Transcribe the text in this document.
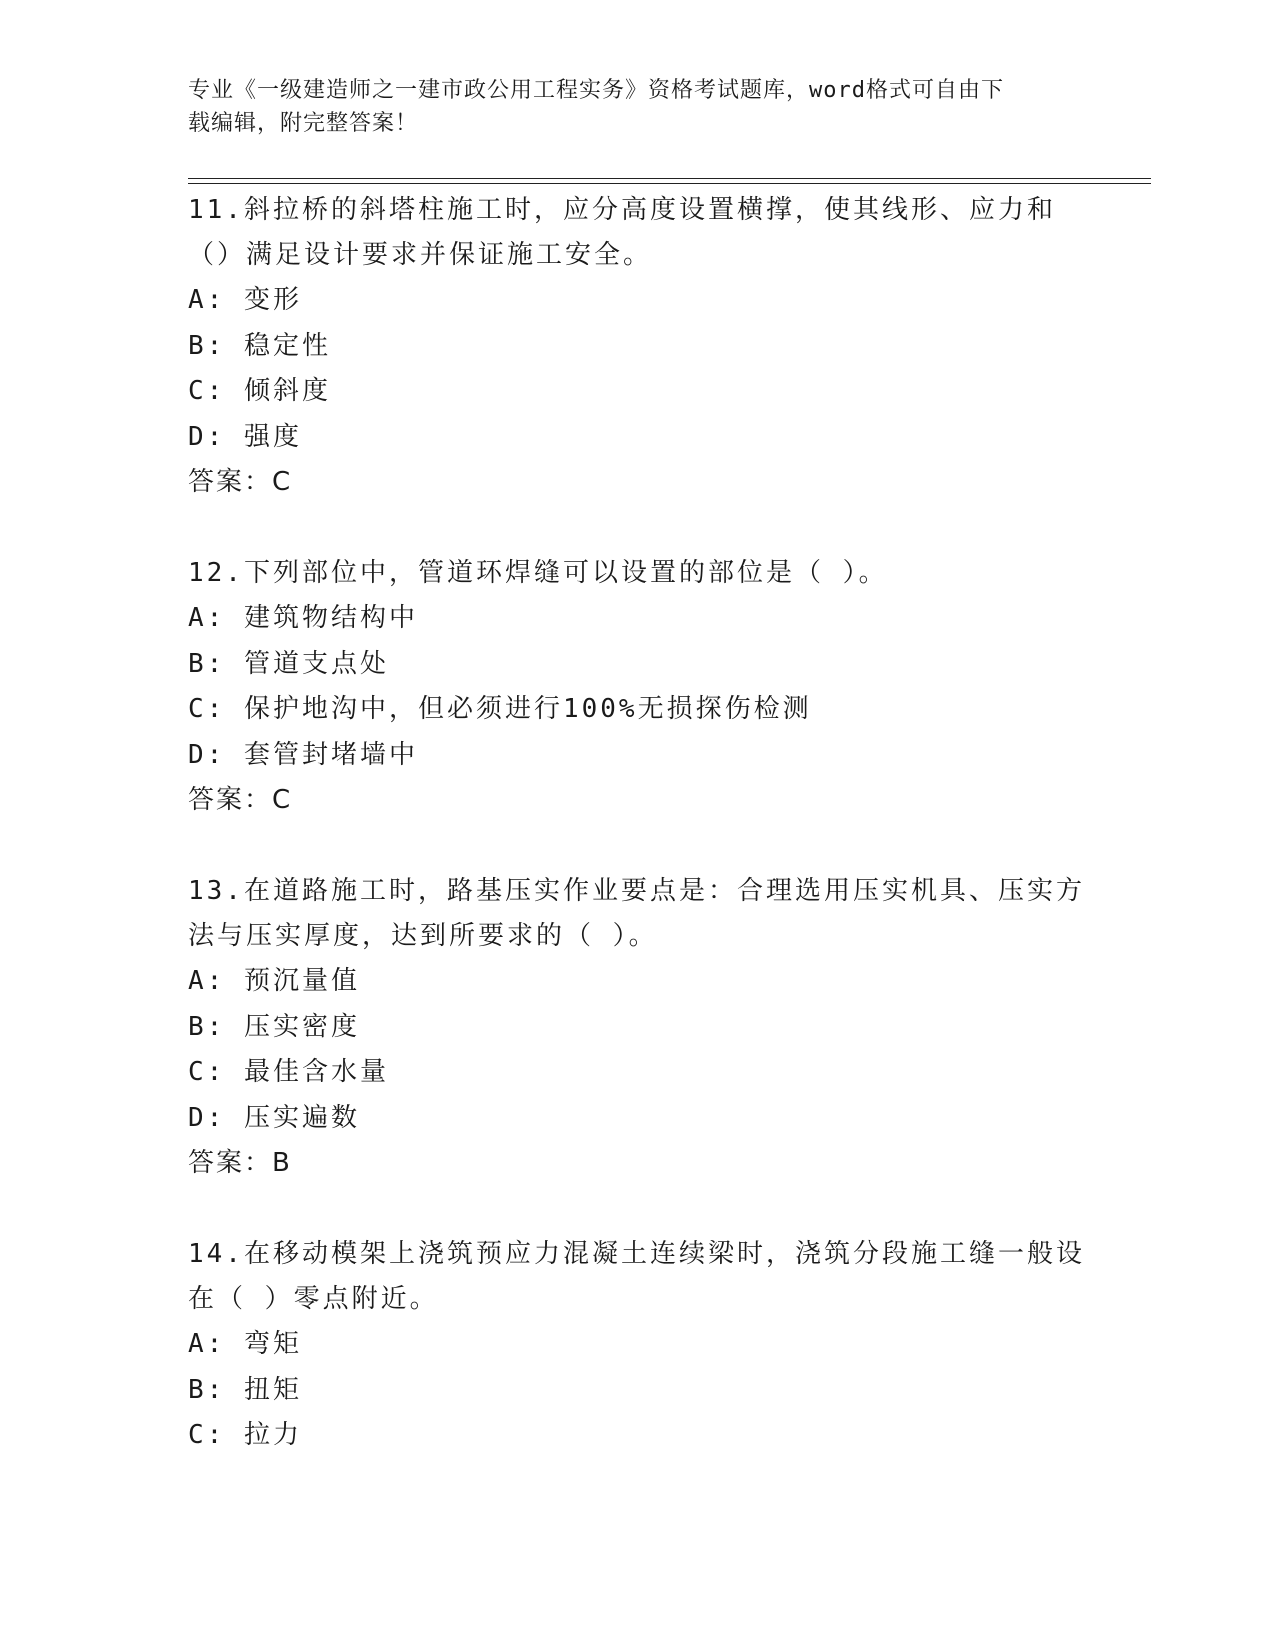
专业《一级建造师之一建市政公用工程实务》资格考试题库，word格式可自由下
载编辑，附完整答案！
11.斜拉桥的斜塔柱施工时，应分高度设置横撑，使其线形、应力和（）满足设计要求并保证施工安全。
A: 变形
B: 稳定性
C: 倾斜度
D: 强度
答案：C
12.下列部位中，管道环焊缝可以设置的部位是（ ）。
A: 建筑物结构中
B: 管道支点处
C: 保护地沟中，但必须进行100%无损探伤检测
D: 套管封堵墙中
答案：C
13.在道路施工时，路基压实作业要点是：合理选用压实机具、压实方法与压实厚度，达到所要求的（ ）。
A: 预沉量值
B: 压实密度
C: 最佳含水量
D: 压实遍数
答案：B
14.在移动模架上浇筑预应力混凝土连续梁时，浇筑分段施工缝一般设在（ ）零点附近。
A: 弯矩
B: 扭矩
C: 拉力
